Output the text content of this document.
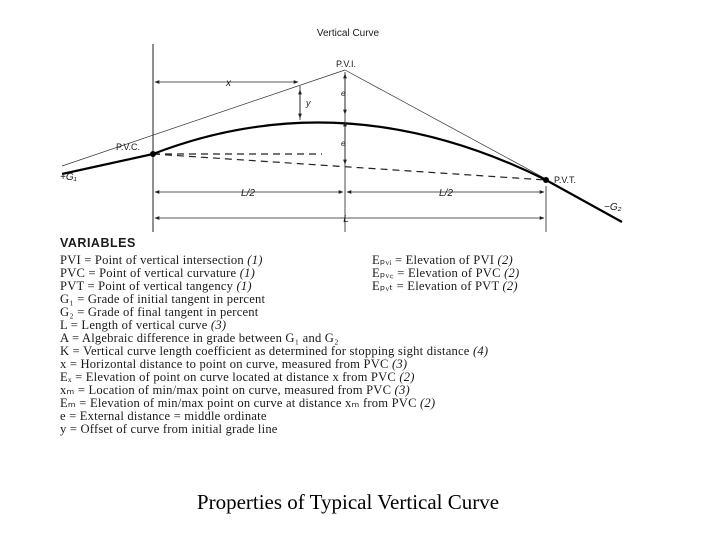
Vertical Curve
P.V.I.
P.V.C.
P.V.T.
+G₁
−G₂
x
y
e
e
L/2	L/2
L
VARIABLES
PVI = Point of vertical intersection (1)
PVC = Point of vertical curvature (1)
PVT = Point of vertical tangency (1)
G₁ = Grade of initial tangent in percent
G₂ = Grade of final tangent in percent
L = Length of vertical curve (3)
A = Algebraic difference in grade between G₁ and G₂
K = Vertical curve length coefficient as determined for stopping sight distance (4)
x = Horizontal distance to point on curve, measured from PVC (3)
Eₓ = Elevation of point on curve located at distance x from PVC (2)
xₘ = Location of min/max point on curve, measured from PVC (3)
Eₘ = Elevation of min/max point on curve at distance xₘ from PVC (2)
e = External distance = middle ordinate
y = Offset of curve from initial grade line
Eₚᵥᵢ = Elevation of PVI (2)
Eₚᵥ꜀ = Elevation of PVC (2)
Eₚᵥₜ = Elevation of PVT (2)
Properties of Typical Vertical Curve
